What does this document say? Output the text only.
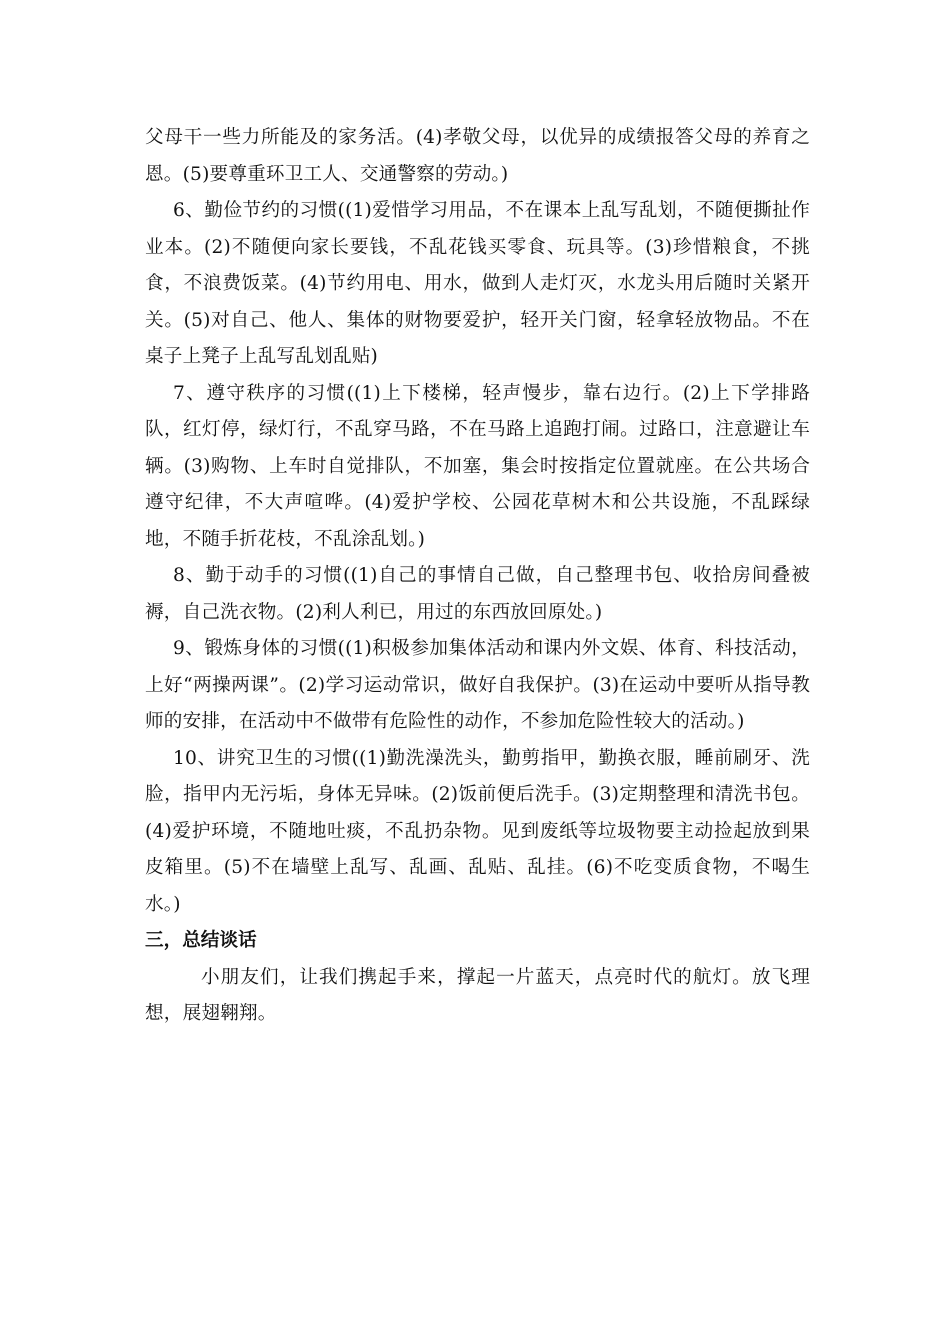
父母干一些力所能及的家务活。(4)孝敬父母，以优异的成绩报答父母的养育之恩。(5)要尊重环卫工人、交通警察的劳动。)

6、勤俭节约的习惯((1)爱惜学习用品，不在课本上乱写乱划，不随便撕扯作业本。(2)不随便向家长要钱，不乱花钱买零食、玩具等。(3)珍惜粮食，不挑食，不浪费饭菜。(4)节约用电、用水，做到人走灯灭，水龙头用后随时关紧开关。(5)对自己、他人、集体的财物要爱护，轻开关门窗，轻拿轻放物品。不在桌子上凳子上乱写乱划乱贴)

7、遵守秩序的习惯((1)上下楼梯，轻声慢步，靠右边行。(2)上下学排路队，红灯停，绿灯行，不乱穿马路，不在马路上追跑打闹。过路口，注意避让车辆。(3)购物、上车时自觉排队，不加塞，集会时按指定位置就座。在公共场合遵守纪律，不大声喧哗。(4)爱护学校、公园花草树木和公共设施，不乱踩绿地，不随手折花枝，不乱涂乱划。)

8、勤于动手的习惯((1)自己的事情自己做，自己整理书包、收拾房间叠被褥，自己洗衣物。(2)利人利已，用过的东西放回原处。)

9、锻炼身体的习惯((1)积极参加集体活动和课内外文娱、体育、科技活动，上好“两操两课”。(2)学习运动常识，做好自我保护。(3)在运动中要听从指导教师的安排，在活动中不做带有危险性的动作，不参加危险性较大的活动。)

10、讲究卫生的习惯((1)勤洗澡洗头，勤剪指甲，勤换衣服，睡前刷牙、洗脸，指甲内无污垢，身体无异味。(2)饭前便后洗手。(3)定期整理和清洗书包。(4)爱护环境，不随地吐痰，不乱扔杂物。见到废纸等垃圾物要主动捡起放到果皮箱里。(5)不在墙壁上乱写、乱画、乱贴、乱挂。(6)不吃变质食物，不喝生水。)

三，总结谈话

小朋友们，让我们携起手来，撑起一片蓝天，点亮时代的航灯。放飞理想，展翅翱翔。
